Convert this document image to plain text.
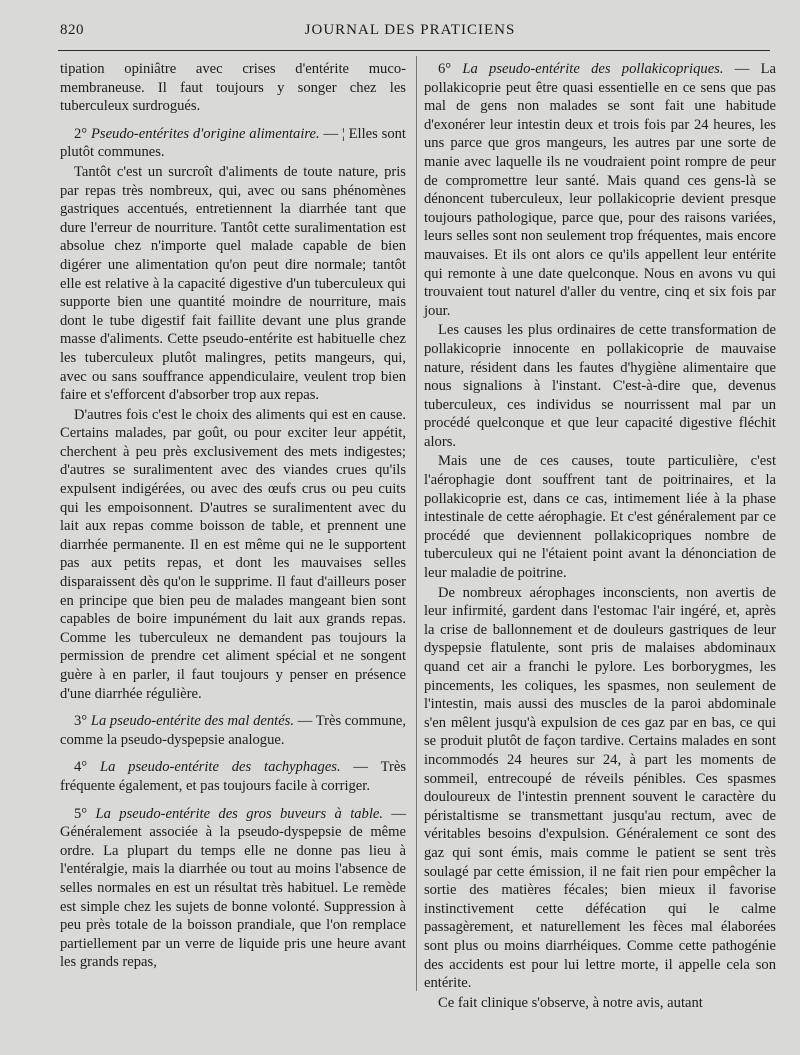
820	JOURNAL DES PRATICIENS

tipation opiniâtre avec crises d'entérite muco-membraneuse. Il faut toujours y songer chez les tuberculeux surdrogués.

2° Pseudo-entérites d'origine alimentaire. — ¦ Elles sont plutôt communes.

Tantôt c'est un surcroît d'aliments de toute nature, pris par repas très nombreux, qui, avec ou sans phénomènes gastriques accentués, entretiennent la diarrhée tant que dure l'erreur de nourriture. Tantôt cette suralimentation est absolue chez n'importe quel malade capable de bien digérer une alimentation qu'on peut dire normale; tantôt elle est relative à la capacité digestive d'un tuberculeux qui supporte bien une quantité moindre de nourriture, mais dont le tube digestif fait faillite devant une plus grande masse d'aliments. Cette pseudo-entérite est habituelle chez les tuberculeux plutôt malingres, petits mangeurs, qui, avec ou sans souffrance appendiculaire, veulent trop bien faire et s'efforcent d'absorber trop aux repas.

D'autres fois c'est le choix des aliments qui est en cause. Certains malades, par goût, ou pour exciter leur appétit, cherchent à peu près exclusivement des mets indigestes; d'autres se suralimentent avec des viandes crues qu'ils expulsent indigérées, ou avec des œufs crus ou peu cuits qui les empoisonnent. D'autres se suralimentent avec du lait aux repas comme boisson de table, et prennent une diarrhée permanente. Il en est même qui ne le supportent pas aux petits repas, et dont les mauvaises selles disparaissent dès qu'on le supprime. Il faut d'ailleurs poser en principe que bien peu de malades mangeant bien sont capables de boire impunément du lait aux grands repas. Comme les tuberculeux ne demandent pas toujours la permission de prendre cet aliment spécial et ne songent guère à en parler, il faut toujours y penser en présence d'une diarrhée régulière.

3° La pseudo-entérite des mal dentés. — Très commune, comme la pseudo-dyspepsie analogue.

4° La pseudo-entérite des tachyphages. — Très fréquente également, et pas toujours facile à corriger.

5° La pseudo-entérite des gros buveurs à table. — Généralement associée à la pseudo-dyspepsie de même ordre. La plupart du temps elle ne donne pas lieu à l'entéralgie, mais la diarrhée ou tout au moins l'absence de selles normales en est un résultat très habituel. Le remède est simple chez les sujets de bonne volonté. Suppression à peu près totale de la boisson prandiale, que l'on remplace partiellement par un verre de liquide pris une heure avant les grands repas,

6° La pseudo-entérite des pollakicopriques. — La pollakicoprie peut être quasi essentielle en ce sens que pas mal de gens non malades se sont fait une habitude d'exonérer leur intestin deux et trois fois par 24 heures, les uns parce que gros mangeurs, les autres par une sorte de manie avec laquelle ils ne voudraient point rompre de peur de compromettre leur santé. Mais quand ces gens-là se dénoncent tuberculeux, leur pollakicoprie devient presque toujours pathologique, parce que, pour des raisons variées, leurs selles sont non seulement trop fréquentes, mais encore mauvaises. Et ils ont alors ce qu'ils appellent leur entérite qui remonte à une date quelconque. Nous en avons vu qui trouvaient tout naturel d'aller du ventre, cinq et six fois par jour.

Les causes les plus ordinaires de cette transformation de pollakicoprie innocente en pollakicoprie de mauvaise nature, résident dans les fautes d'hygiène alimentaire que nous signalions à l'instant. C'est-à-dire que, devenus tuberculeux, ces individus se nourrissent mal par un procédé quelconque et que leur capacité digestive fléchit alors.

Mais une de ces causes, toute particulière, c'est l'aérophagie dont souffrent tant de poitrinaires, et la pollakicoprie est, dans ce cas, intimement liée à la phase intestinale de cette aérophagie. Et c'est généralement par ce procédé que deviennent pollakicopriques nombre de tuberculeux qui ne l'étaient point avant la dénonciation de leur maladie de poitrine.

De nombreux aérophages inconscients, non avertis de leur infirmité, gardent dans l'estomac l'air ingéré, et, après la crise de ballonnement et de douleurs gastriques de leur dyspepsie flatulente, sont pris de malaises abdominaux quand cet air a franchi le pylore. Les borborygmes, les pincements, les coliques, les spasmes, non seulement de l'intestin, mais aussi des muscles de la paroi abdominale s'en mêlent jusqu'à expulsion de ces gaz par en bas, ce qui se produit plutôt de façon tardive. Certains malades en sont incommodés 24 heures sur 24, à part les moments de sommeil, entrecoupé de réveils pénibles. Ces spasmes douloureux de l'intestin prennent souvent le caractère du péristaltisme se transmettant jusqu'au rectum, avec de véritables besoins d'expulsion. Généralement ce sont des gaz qui sont émis, mais comme le patient se sent très soulagé par cette émission, il ne fait rien pour empêcher la sortie des matières fécales; bien mieux il favorise instinctivement cette défécation qui le calme passagèrement, et naturellement les fèces mal élaborées sont plus ou moins diarrhéiques. Comme cette pathogénie des accidents est pour lui lettre morte, il appelle cela son entérite.

Ce fait clinique s'observe, à notre avis, autant
